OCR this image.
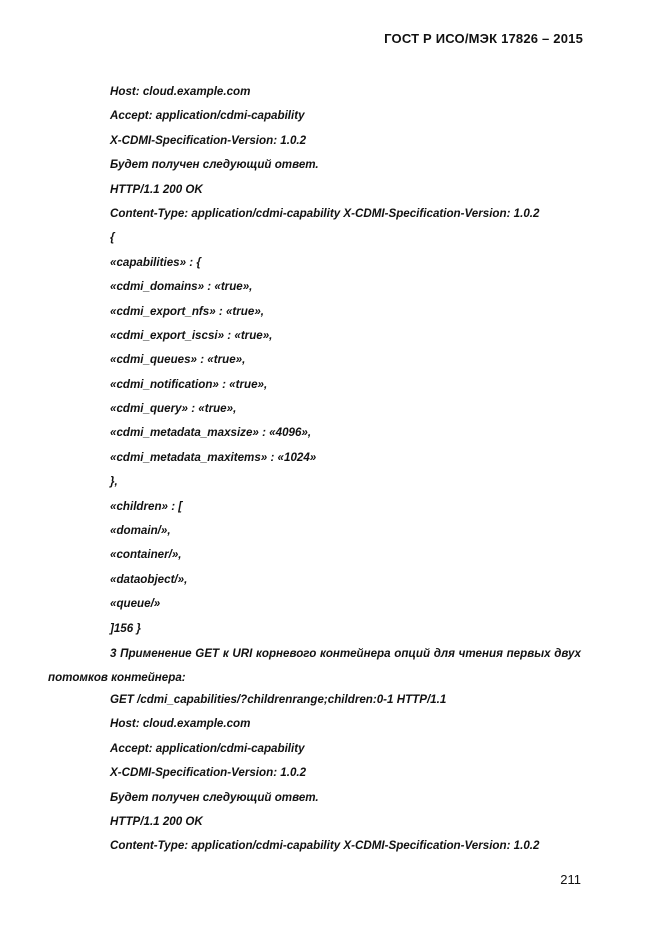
ГОСТ Р ИСО/МЭК 17826 – 2015
Host: cloud.example.com
Accept: application/cdmi-capability
X-CDMI-Specification-Version: 1.0.2
Будет получен следующий ответ.
HTTP/1.1 200 OK
Content-Type: application/cdmi-capability X-CDMI-Specification-Version: 1.0.2
{
«capabilities» : {
«cdmi_domains» : «true»,
«cdmi_export_nfs» : «true»,
«cdmi_export_iscsi» : «true»,
«cdmi_queues» : «true»,
«cdmi_notification» : «true»,
«cdmi_query» : «true»,
«cdmi_metadata_maxsize» : «4096»,
«cdmi_metadata_maxitems» : «1024»
},
«children» : [
«domain/»,
«container/»,
«dataobject/»,
«queue/»
]156 }
3 Применение GET к URI корневого контейнера опций для чтения первых двух потомков контейнера:
GET /cdmi_capabilities/?childrenrange;children:0-1 HTTP/1.1
Host: cloud.example.com
Accept: application/cdmi-capability
X-CDMI-Specification-Version: 1.0.2
Будет получен следующий ответ.
HTTP/1.1 200 OK
Content-Type: application/cdmi-capability X-CDMI-Specification-Version: 1.0.2
211
